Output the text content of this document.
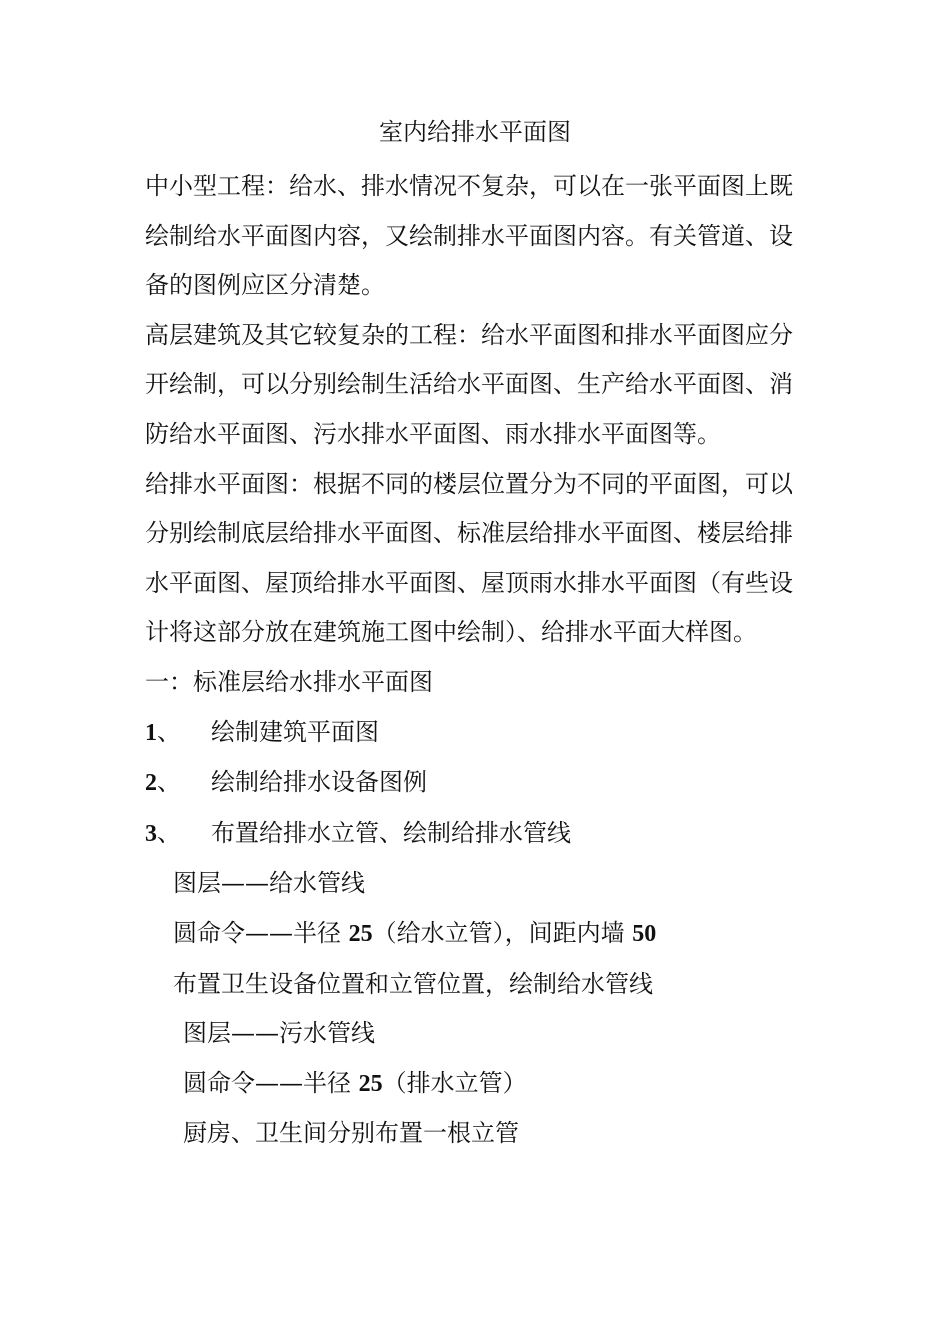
室内给排水平面图

中小型工程：给水、排水情况不复杂，可以在一张平面图上既绘制给水平面图内容，又绘制排水平面图内容。有关管道、设备的图例应区分清楚。

高层建筑及其它较复杂的工程：给水平面图和排水平面图应分开绘制，可以分别绘制生活给水平面图、生产给水平面图、消防给水平面图、污水排水平面图、雨水排水平面图等。

给排水平面图：根据不同的楼层位置分为不同的平面图，可以分别绘制底层给排水平面图、标准层给排水平面图、楼层给排水平面图、屋顶给排水平面图、屋顶雨水排水平面图（有些设计将这部分放在建筑施工图中绘制）、给排水平面大样图。

一：标准层给水排水平面图

1、 绘制建筑平面图

2、 绘制给排水设备图例

3、 布置给排水立管、绘制给排水管线

图层——给水管线

圆命令——半径 25（给水立管），间距内墙 50

布置卫生设备位置和立管位置，绘制给水管线

图层——污水管线

圆命令——半径 25（排水立管）

厨房、卫生间分别布置一根立管
